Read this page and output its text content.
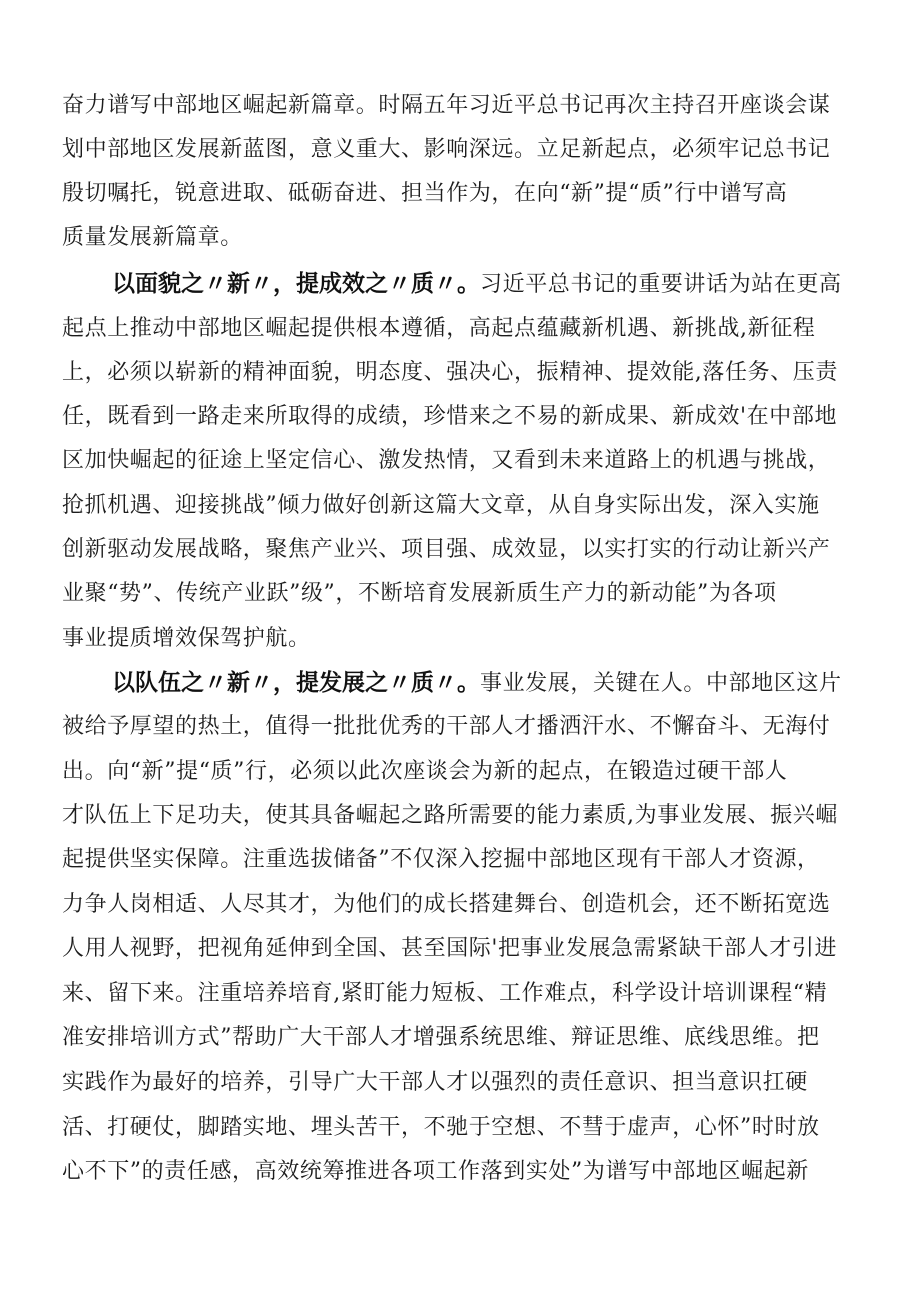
奋力谱写中部地区崛起新篇章。时隔五年习近平总书记再次主持召开座谈会谋
划中部地区发展新蓝图，意义重大、影响深远。立足新起点，必须牢记总书记
殷切嘱托，锐意进取、砥砺奋进、担当作为，在向“新”提“质”行中谱写高
质量发展新篇章。
以面貌之〃新〃，提成效之〃质〃。习近平总书记的重要讲话为站在更高
起点上推动中部地区崛起提供根本遵循，高起点蕴藏新机遇、新挑战,新征程
上，必须以崭新的精神面貌，明态度、强决心，振精神、提效能,落任务、压责
任，既看到一路走来所取得的成绩，珍惜来之不易的新成果、新成效'在中部地
区加快崛起的征途上坚定信心、激发热情，又看到未来道路上的机遇与挑战，
抢抓机遇、迎接挑战”倾力做好创新这篇大文章，从自身实际出发，深入实施
创新驱动发展战略，聚焦产业兴、项目强、成效显，以实打实的行动让新兴产
业聚“势”、传统产业跃”级”，不断培育发展新质生产力的新动能”为各项
事业提质增效保驾护航。
以队伍之〃新〃，提发展之〃质〃。事业发展，关键在人。中部地区这片
被给予厚望的热土，值得一批批优秀的干部人才播洒汗水、不懈奋斗、无海付
出。向“新”提“质”行，必须以此次座谈会为新的起点，在锻造过硬干部人
才队伍上下足功夫，使其具备崛起之路所需要的能力素质,为事业发展、振兴崛
起提供坚实保障。注重选拔储备”不仅深入挖掘中部地区现有干部人才资源，
力争人岗相适、人尽其才，为他们的成长搭建舞台、创造机会，还不断拓宽选
人用人视野，把视角延伸到全国、甚至国际'把事业发展急需紧缺干部人才引进
来、留下来。注重培养培育,紧盯能力短板、工作难点，科学设计培训课程“精
准安排培训方式”帮助广大干部人才增强系统思维、辩证思维、底线思维。把
实践作为最好的培养，引导广大干部人才以强烈的责任意识、担当意识扛硬
活、打硬仗，脚踏实地、埋头苦干，不驰于空想、不彗于虚声，心怀”时时放
心不下”的责任感，高效统筹推进各项工作落到实处”为谱写中部地区崛起新
